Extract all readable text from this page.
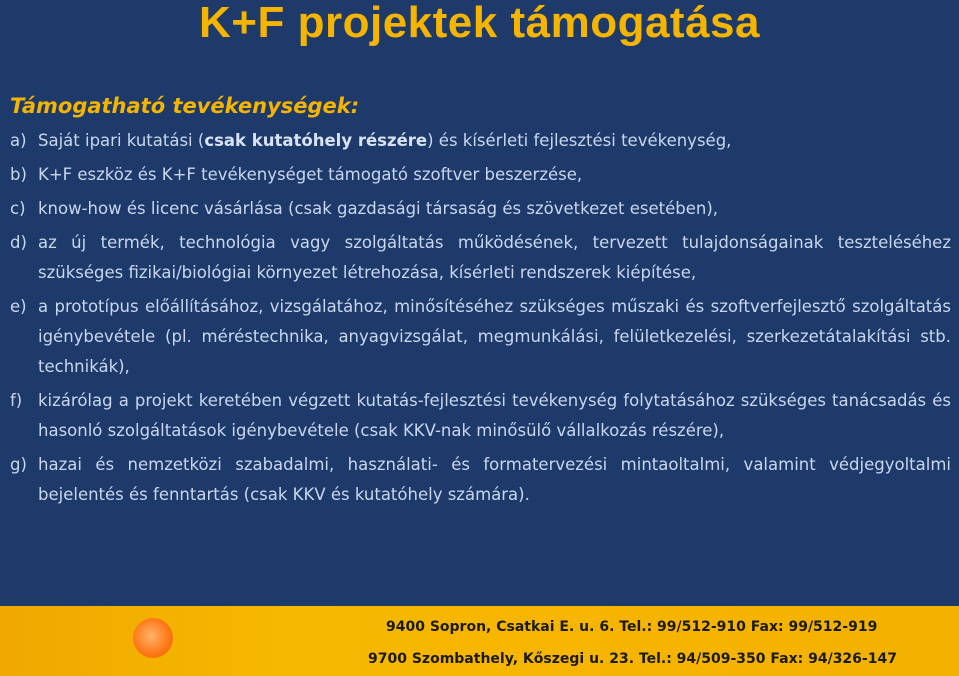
K+F projektek támogatása
Támogatható tevékenységek:
a) Saját ipari kutatási (csak kutatóhely részére) és kísérleti fejlesztési tevékenység,
b) K+F eszköz és K+F tevékenységet támogató szoftver beszerzése,
c) know-how és licenc vásárlása (csak gazdasági társaság és szövetkezet esetében),
d) az új termék, technológia vagy szolgáltatás működésének, tervezett tulajdonságainak teszteléséhez szükséges fizikai/biológiai környezet létrehozása, kísérleti rendszerek kiépítése,
e) a prototípus előállításához, vizsgálatához, minősítéséhez szükséges műszaki és szoftverfejlesztő szolgáltatás igénybevétele (pl. méréstechnika, anyagvizsgálat, megmunkálási, felületkezelési, szerkezetátalakítási stb. technikák),
f) kizárólag a projekt keretében végzett kutatás-fejlesztési tevékenység folytatásához szükséges tanácsadás és hasonló szolgáltatások igénybevétele (csak KKV-nak minősülő vállalkozás részére),
g) hazai és nemzetközi szabadalmi, használati- és formatervezési mintaoltalmi, valamint védjegyoltalmi bejelentés és fenntartás (csak KKV és kutatóhely számára).
9400 Sopron, Csatkai E. u. 6. Tel.: 99/512-910 Fax: 99/512-919
9700 Szombathely, Kőszegi u. 23. Tel.: 94/509-350 Fax: 94/326-147
